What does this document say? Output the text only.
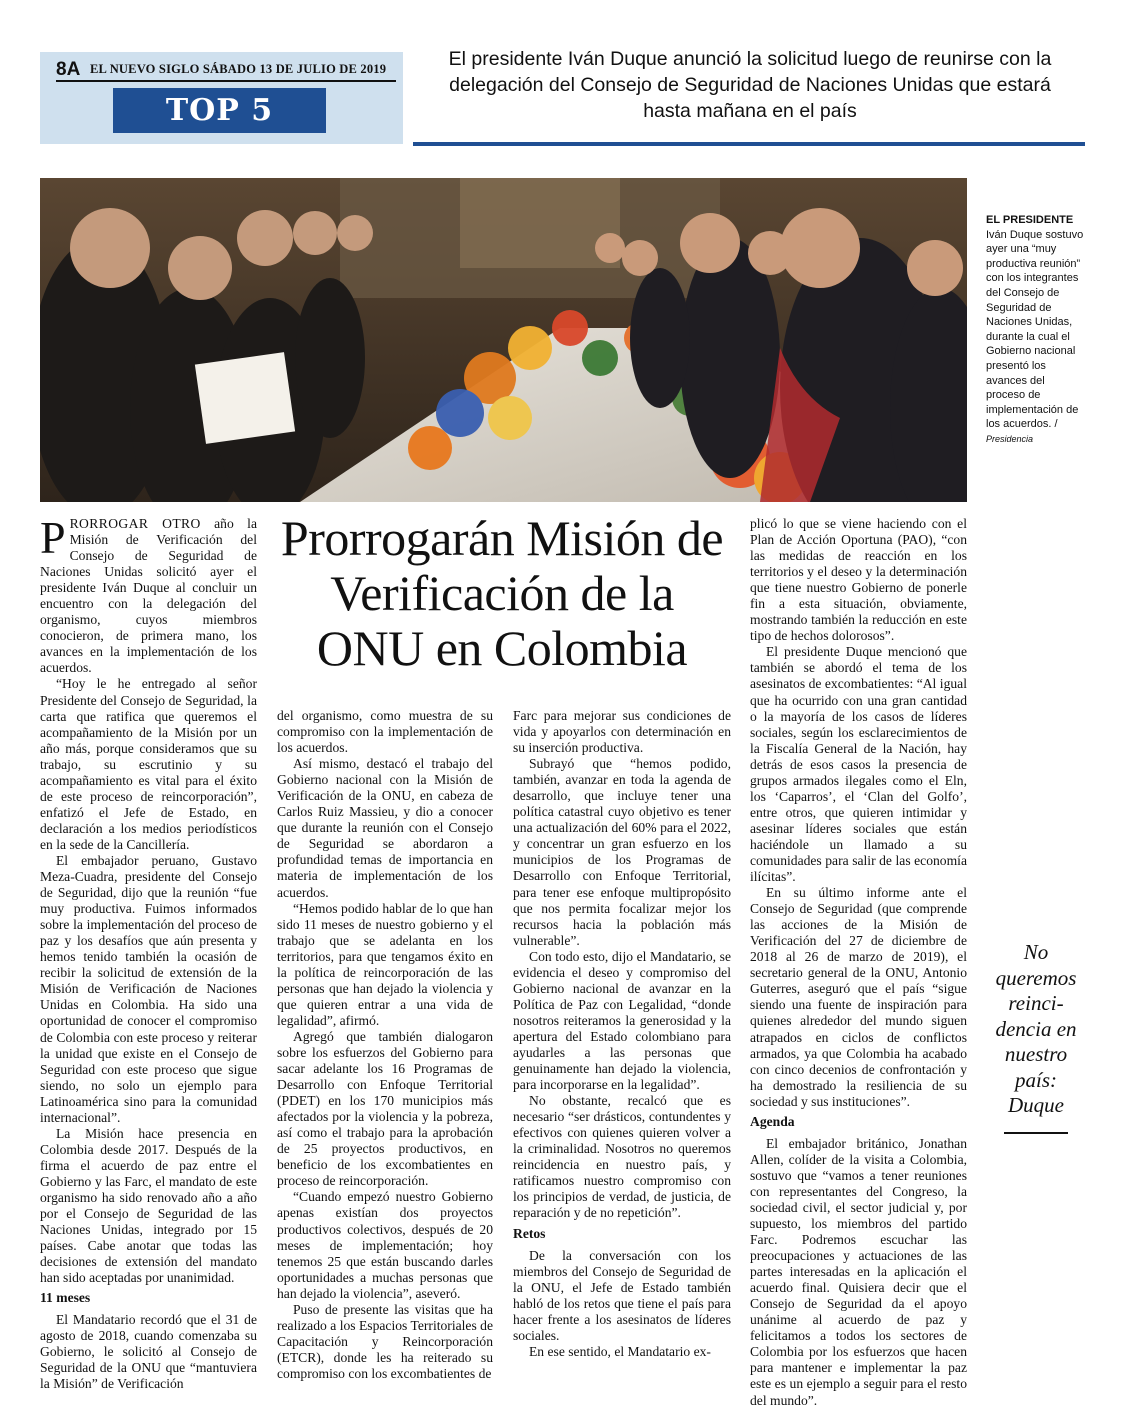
8A EL NUEVO SIGLO SÁBADO 13 DE JULIO DE 2019
TOP 5
El presidente Iván Duque anunció la solicitud luego de reunirse con la delegación del Consejo de Seguridad de Naciones Unidas que estará hasta mañana en el país
EL PRESIDENTE
Iván Duque sostuvo ayer una “muy productiva reunión” con los integrantes del Consejo de Seguridad de Naciones Unidas, durante la cual el Gobierno nacional presentó los avances del proceso de implementación de los acuerdos. /
Presidencia
Prorrogarán Misión de Verificación de la ONU en Colombia

PRORROGAR OTRO año la Misión de Verificación del Consejo de Seguridad de Naciones Unidas solicitó ayer el presidente Iván Duque al concluir un encuentro con la delegación del organismo, cuyos miembros conocieron, de primera mano, los avances en la implementación de los acuerdos.

“Hoy le he entregado al señor Presidente del Consejo de Seguridad, la carta que ratifica que queremos el acompañamiento de la Misión por un año más, porque consideramos que su trabajo, su escrutinio y su acompañamiento es vital para el éxito de este proceso de reincorporación”, enfatizó el Jefe de Estado, en declaración a los medios periodísticos en la sede de la Cancillería.

El embajador peruano, Gustavo Meza-Cuadra, presidente del Consejo de Seguridad, dijo que la reunión “fue muy productiva. Fuimos informados sobre la implementación del proceso de paz y los desafíos que aún presenta y hemos tenido también la ocasión de recibir la solicitud de extensión de la Misión de Verificación de Naciones Unidas en Colombia. Ha sido una oportunidad de conocer el compromiso de Colombia con este proceso y reiterar la unidad que existe en el Consejo de Seguridad con este proceso que sigue siendo, no solo un ejemplo para Latinoamérica sino para la comunidad internacional”.

La Misión hace presencia en Colombia desde 2017. Después de la firma el acuerdo de paz entre el Gobierno y las Farc, el mandato de este organismo ha sido renovado año a año por el Consejo de Seguridad de las Naciones Unidas, integrado por 15 países. Cabe anotar que todas las decisiones de extensión del mandato han sido aceptadas por unanimidad.

11 meses

El Mandatario recordó que el 31 de agosto de 2018, cuando comenzaba su Gobierno, le solicitó al Consejo de Seguridad de la ONU que “mantuviera la Misión” de Verificación

del organismo, como muestra de su compromiso con la implementación de los acuerdos.

Así mismo, destacó el trabajo del Gobierno nacional con la Misión de Verificación de la ONU, en cabeza de Carlos Ruiz Massieu, y dio a conocer que durante la reunión con el Consejo de Seguridad se abordaron a profundidad temas de importancia en materia de implementación de los acuerdos.

“Hemos podido hablar de lo que han sido 11 meses de nuestro gobierno y el trabajo que se adelanta en los territorios, para que tengamos éxito en la política de reincorporación de las personas que han dejado la violencia y que quieren entrar a una vida de legalidad”, afirmó.

Agregó que también dialogaron sobre los esfuerzos del Gobierno para sacar adelante los 16 Programas de Desarrollo con Enfoque Territorial (PDET) en los 170 municipios más afectados por la violencia y la pobreza, así como el trabajo para la aprobación de 25 proyectos productivos, en beneficio de los excombatientes en proceso de reincorporación.

“Cuando empezó nuestro Gobierno apenas existían dos proyectos productivos colectivos, después de 20 meses de implementación; hoy tenemos 25 que están buscando darles oportunidades a muchas personas que han dejado la violencia”, aseveró.

Puso de presente las visitas que ha realizado a los Espacios Territoriales de Capacitación y Reincorporación (ETCR), donde les ha reiterado su compromiso con los excombatientes de

Farc para mejorar sus condiciones de vida y apoyarlos con determinación en su inserción productiva.

Subrayó que “hemos podido, también, avanzar en toda la agenda de desarrollo, que incluye tener una política catastral cuyo objetivo es tener una actualización del 60% para el 2022, y concentrar un gran esfuerzo en los municipios de los Programas de Desarrollo con Enfoque Territorial, para tener ese enfoque multipropósito que nos permita focalizar mejor los recursos hacia la población más vulnerable”.

Con todo esto, dijo el Mandatario, se evidencia el deseo y compromiso del Gobierno nacional de avanzar en la Política de Paz con Legalidad, “donde nosotros reiteramos la generosidad y la apertura del Estado colombiano para ayudarles a las personas que genuinamente han dejado la violencia, para incorporarse en la legalidad”.

No obstante, recalcó que es necesario “ser drásticos, contundentes y efectivos con quienes quieren volver a la criminalidad. Nosotros no queremos reincidencia en nuestro país, y ratificamos nuestro compromiso con los principios de verdad, de justicia, de reparación y de no repetición”.

Retos

De la conversación con los miembros del Consejo de Seguridad de la ONU, el Jefe de Estado también habló de los retos que tiene el país para hacer frente a los asesinatos de líderes sociales.

En ese sentido, el Mandatario ex-

plicó lo que se viene haciendo con el Plan de Acción Oportuna (PAO), “con las medidas de reacción en los territorios y el deseo y la determinación que tiene nuestro Gobierno de ponerle fin a esta situación, obviamente, mostrando también la reducción en este tipo de hechos dolorosos”.

El presidente Duque mencionó que también se abordó el tema de los asesinatos de excombatientes: “Al igual que ha ocurrido con una gran cantidad o la mayoría de los casos de líderes sociales, según los esclarecimientos de la Fiscalía General de la Nación, hay detrás de esos casos la presencia de grupos armados ilegales como el Eln, los ‘Caparros’, el ‘Clan del Golfo’, entre otros, que quieren intimidar y asesinar líderes sociales que están haciéndole un llamado a su comunidades para salir de las economía ilícitas”.

En su último informe ante el Consejo de Seguridad (que comprende las acciones de la Misión de Verificación del 27 de diciembre de 2018 al 26 de marzo de 2019), el secretario general de la ONU, Antonio Guterres, aseguró que el país “sigue siendo una fuente de inspiración para quienes alrededor del mundo siguen atrapados en ciclos de conflictos armados, ya que Colombia ha acabado con cinco decenios de confrontación y ha demostrado la resiliencia de su sociedad y sus instituciones”.

Agenda

El embajador británico, Jonathan Allen, colíder de la visita a Colombia, sostuvo que “vamos a tener reuniones con representantes del Congreso, la sociedad civil, el sector judicial y, por supuesto, los miembros del partido Farc. Podremos escuchar las preocupaciones y actuaciones de las partes interesadas en la aplicación el acuerdo final. Quisiera decir que el Consejo de Seguridad da el apoyo unánime al acuerdo de paz y felicitamos a todos los sectores de Colombia por los esfuerzos que hacen para mantener e implementar la paz este es un ejemplo a seguir para el resto del mundo”.

No queremos reinci-dencia en nuestro país: Duque
